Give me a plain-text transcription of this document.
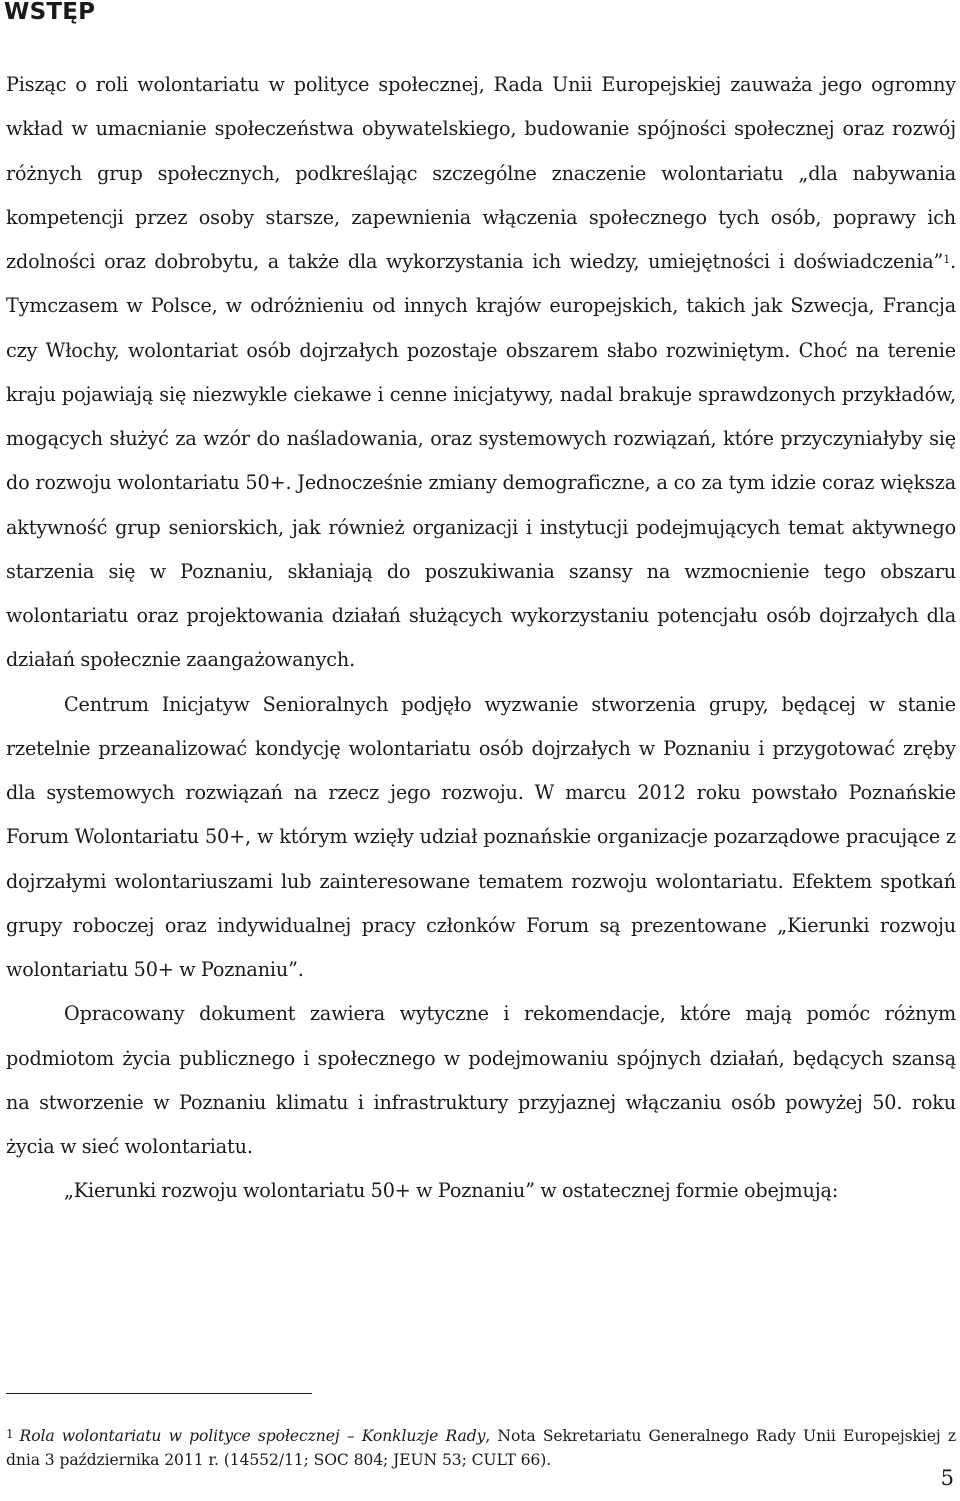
WSTĘP

Pisząc o roli wolontariatu w polityce społecznej, Rada Unii Europejskiej zauważa jego ogromny wkład w umacnianie społeczeństwa obywatelskiego, budowanie spójności społecznej oraz rozwój różnych grup społecznych, podkreślając szczególne znaczenie wolontariatu „dla nabywania kompetencji przez osoby starsze, zapewnienia włączenia społecznego tych osób, poprawy ich zdolności oraz dobrobytu, a także dla wykorzystania ich wiedzy, umiejętności i doświadczenia”$^1$. Tymczasem w Polsce, w odróżnieniu od innych krajów europejskich, takich jak Szwecja, Francja czy Włochy, wolontariat osób dojrzałych pozostaje obszarem słabo rozwiniętym. Choć na terenie kraju pojawiają się niezwykle ciekawe i cenne inicjatywy, nadal brakuje sprawdzonych przykładów, mogących służyć za wzór do naśladowania, oraz systemowych rozwiązań, które przyczyniałyby się do rozwoju wolontariatu 50+. Jednocześnie zmiany demograficzne, a co za tym idzie coraz większa aktywność grup seniorskich, jak również organizacji i instytucji podejmujących temat aktywnego starzenia się w Poznaniu, skłaniają do poszukiwania szansy na wzmocnienie tego obszaru wolontariatu oraz projektowania działań służących wykorzystaniu potencjału osób dojrzałych dla działań społecznie zaangażowanych.

Centrum Inicjatyw Senioralnych podjęło wyzwanie stworzenia grupy, będącej w stanie rzetelnie przeanalizować kondycję wolontariatu osób dojrzałych w Poznaniu i przygotować zręby dla systemowych rozwiązań na rzecz jego rozwoju. W marcu 2012 roku powstało Poznańskie Forum Wolontariatu 50+, w którym wzięły udział poznańskie organizacje pozarządowe pracujące z dojrzałymi wolontariuszami lub zainteresowane tematem rozwoju wolontariatu. Efektem spotkań grupy roboczej oraz indywidualnej pracy członków Forum są prezentowane „Kierunki rozwoju wolontariatu 50+ w Poznaniu”.

Opracowany dokument zawiera wytyczne i rekomendacje, które mają pomóc różnym podmiotom życia publicznego i społecznego w podejmowaniu spójnych działań, będących szansą na stworzenie w Poznaniu klimatu i infrastruktury przyjaznej włączaniu osób powyżej 50. roku życia w sieć wolontariatu.

„Kierunki rozwoju wolontariatu 50+ w Poznaniu” w ostatecznej formie obejmują:

$^1$ Rola wolontariatu w polityce społecznej – Konkluzje Rady, Nota Sekretariatu Generalnego Rady Unii Europejskiej z dnia 3 października 2011 r. (14552/11; SOC 804; JEUN 53; CULT 66).
5
